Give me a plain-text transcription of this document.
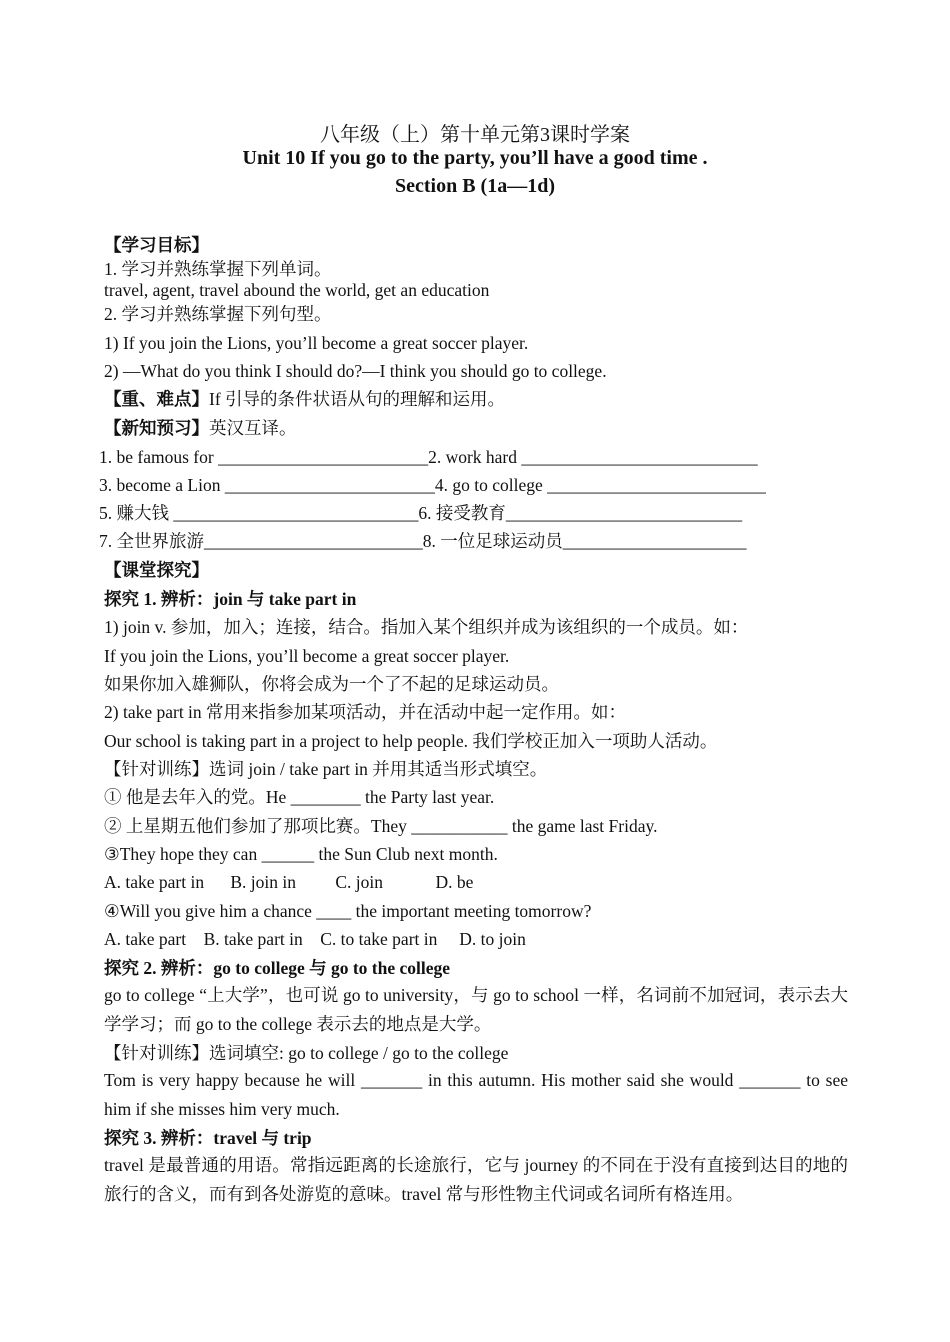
八年级（上）第十单元第3课时学案
Unit 10 If you go to the party, you’ll have a good time .
Section B (1a—1d)
【学习目标】
1. 学习并熟练掌握下列单词。
travel, agent, travel abound the world, get an education
2. 学习并熟练掌握下列句型。
1) If you join the Lions, you’ll become a great soccer player.
2) —What do you think I should do?—I think you should go to college.
【重、难点】If 引导的条件状语从句的理解和运用。
【新知预习】英汉互译。
1. be famous for ________________________2. work hard ___________________________
3. become a Lion ________________________4. go to college _________________________
5. 赚大钱 ____________________________6. 接受教育___________________________
7. 全世界旅游_________________________8. 一位足球运动员_____________________
【课堂探究】
探究 1. 辨析：join 与 take part in
1) join v. 参加，加入；连接，结合。指加入某个组织并成为该组织的一个成员。如：
If you join the Lions, you’ll become a great soccer player.
如果你加入雄狮队，你将会成为一个了不起的足球运动员。
2) take part in 常用来指参加某项活动，并在活动中起一定作用。如：
Our school is taking part in a project to help people. 我们学校正加入一项助人活动。
【针对训练】选词 join / take part in 并用其适当形式填空。
① 他是去年入的党。He ________ the Party last year.
② 上星期五他们参加了那项比赛。They ___________ the game last Friday.
③They hope they can ______ the Sun Club next month.
A. take part in      B. join in         C. join            D. be
④Will you give him a chance ____ the important meeting tomorrow?
A. take part    B. take part in    C. to take part in     D. to join
探究 2. 辨析：go to college 与 go to the college
go to college “上大学”，也可说 go to university，与 go to school 一样，名词前不加冠词，表示去大学学习；而 go to the college 表示去的地点是大学。
【针对训练】选词填空: go to college / go to the college
Tom is very happy because he will _______ in this autumn. His mother said she would _______ to see him if she misses him very much.
探究 3. 辨析：travel 与 trip
travel 是最普通的用语。常指远距离的长途旅行，它与 journey 的不同在于没有直接到达目的地的旅行的含义，而有到各处游览的意味。travel 常与形性物主代词或名词所有格连用。
